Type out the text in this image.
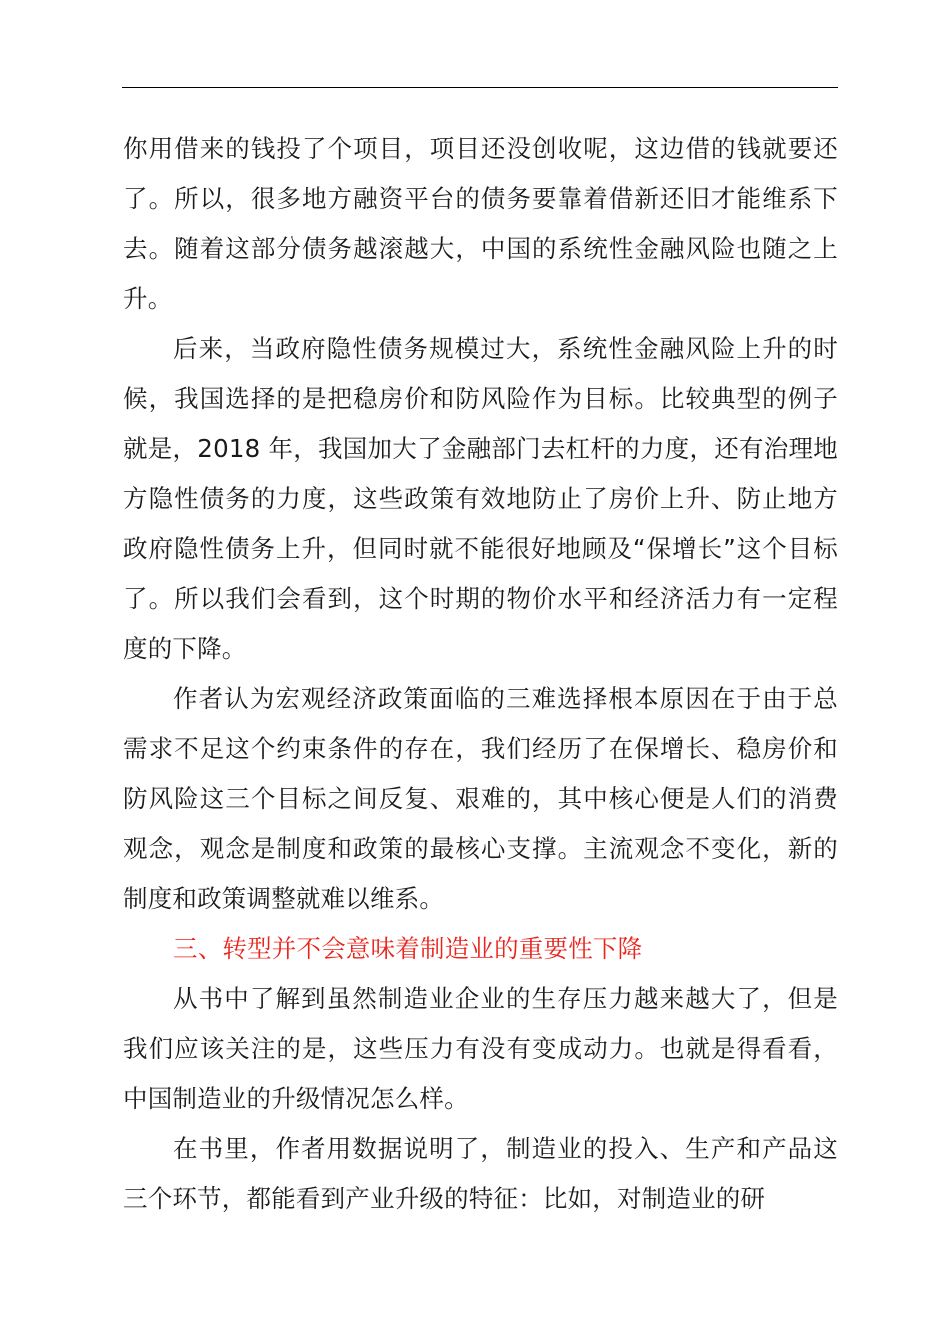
你用借来的钱投了个项目，项目还没创收呢，这边借的钱就要还了。所以，很多地方融资平台的债务要靠着借新还旧才能维系下去。随着这部分债务越滚越大，中国的系统性金融风险也随之上升。

后来，当政府隐性债务规模过大，系统性金融风险上升的时候，我国选择的是把稳房价和防风险作为目标。比较典型的例子就是，2018 年，我国加大了金融部门去杠杆的力度，还有治理地方隐性债务的力度，这些政策有效地防止了房价上升、防止地方政府隐性债务上升，但同时就不能很好地顾及“保增长”这个目标了。所以我们会看到，这个时期的物价水平和经济活力有一定程度的下降。

作者认为宏观经济政策面临的三难选择根本原因在于由于总需求不足这个约束条件的存在，我们经历了在保增长、稳房价和防风险这三个目标之间反复、艰难的，其中核心便是人们的消费观念，观念是制度和政策的最核心支撑。主流观念不变化，新的制度和政策调整就难以维系。

三、转型并不会意味着制造业的重要性下降

从书中了解到虽然制造业企业的生存压力越来越大了，但是我们应该关注的是，这些压力有没有变成动力。也就是得看看，中国制造业的升级情况怎么样。

在书里，作者用数据说明了，制造业的投入、生产和产品这三个环节，都能看到产业升级的特征：比如，对制造业的研
